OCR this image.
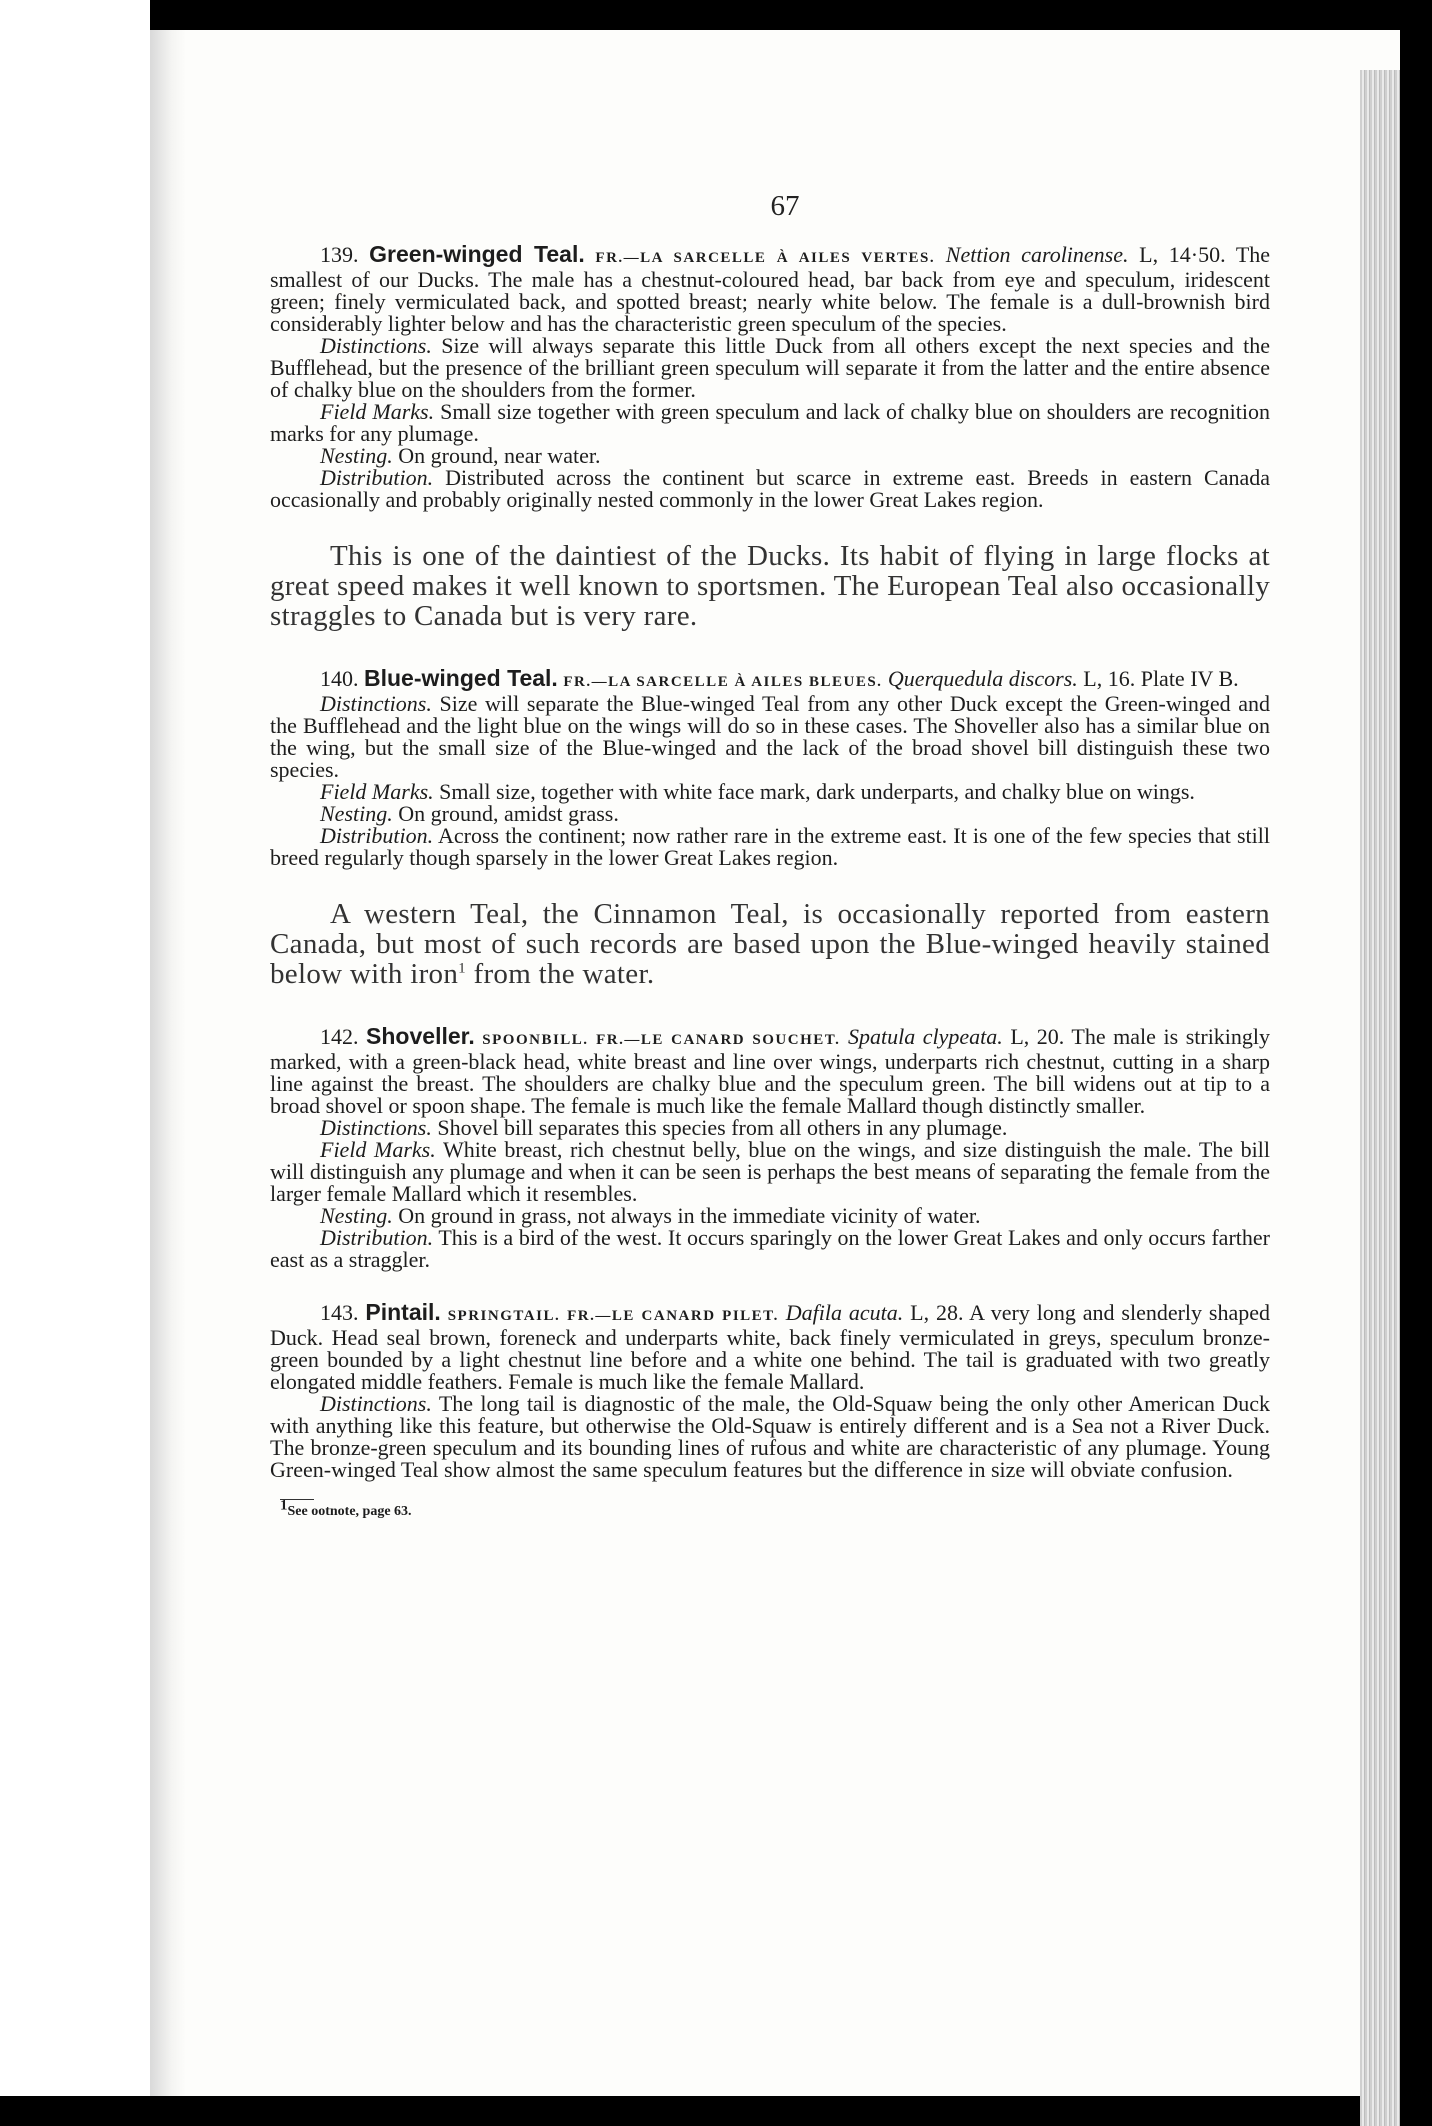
67

139. Green-winged Teal. FR.—LA SARCELLE À AILES VERTES. Nettion carolinense. L, 14·50. The smallest of our Ducks. The male has a chestnut-coloured head, bar back from eye and speculum, iridescent green; finely vermiculated back, and spotted breast; nearly white below. The female is a dull-brownish bird considerably lighter below and has the characteristic green speculum of the species.

Distinctions. Size will always separate this little Duck from all others except the next species and the Bufflehead, but the presence of the brilliant green speculum will separate it from the latter and the entire absence of chalky blue on the shoulders from the former.

Field Marks. Small size together with green speculum and lack of chalky blue on shoulders are recognition marks for any plumage.

Nesting. On ground, near water.

Distribution. Distributed across the continent but scarce in extreme east. Breeds in eastern Canada occasionally and probably originally nested commonly in the lower Great Lakes region.

This is one of the daintiest of the Ducks. Its habit of flying in large flocks at great speed makes it well known to sportsmen. The European Teal also occasionally straggles to Canada but is very rare.

140. Blue-winged Teal. FR.—LA SARCELLE À AILES BLEUES. Querquedula discors. L, 16. Plate IV B.

Distinctions. Size will separate the Blue-winged Teal from any other Duck except the Green-winged and the Bufflehead and the light blue on the wings will do so in these cases. The Shoveller also has a similar blue on the wing, but the small size of the Blue-winged and the lack of the broad shovel bill distinguish these two species.

Field Marks. Small size, together with white face mark, dark underparts, and chalky blue on wings.

Nesting. On ground, amidst grass.

Distribution. Across the continent; now rather rare in the extreme east. It is one of the few species that still breed regularly though sparsely in the lower Great Lakes region.

A western Teal, the Cinnamon Teal, is occasionally reported from eastern Canada, but most of such records are based upon the Blue-winged heavily stained below with iron$^1$ from the water.

142. Shoveller. SPOONBILL. FR.—LE CANARD SOUCHET. Spatula clypeata. L, 20. The male is strikingly marked, with a green-black head, white breast and line over wings, underparts rich chestnut, cutting in a sharp line against the breast. The shoulders are chalky blue and the speculum green. The bill widens out at tip to a broad shovel or spoon shape. The female is much like the female Mallard though distinctly smaller.

Distinctions. Shovel bill separates this species from all others in any plumage.

Field Marks. White breast, rich chestnut belly, blue on the wings, and size distinguish the male. The bill will distinguish any plumage and when it can be seen is perhaps the best means of separating the female from the larger female Mallard which it resembles.

Nesting. On ground in grass, not always in the immediate vicinity of water.

Distribution. This is a bird of the west. It occurs sparingly on the lower Great Lakes and only occurs farther east as a straggler.

143. Pintail. SPRINGTAIL. FR.—LE CANARD PILET. Dafila acuta. L, 28. A very long and slenderly shaped Duck. Head seal brown, foreneck and underparts white, back finely vermiculated in greys, speculum bronze-green bounded by a light chestnut line before and a white one behind. The tail is graduated with two greatly elongated middle feathers. Female is much like the female Mallard.

Distinctions. The long tail is diagnostic of the male, the Old-Squaw being the only other American Duck with anything like this feature, but otherwise the Old-Squaw is entirely different and is a Sea not a River Duck. The bronze-green speculum and its bounding lines of rufous and white are characteristic of any plumage. Young Green-winged Teal show almost the same speculum features but the difference in size will obviate confusion.

$^1$See ootnote, page 63.
